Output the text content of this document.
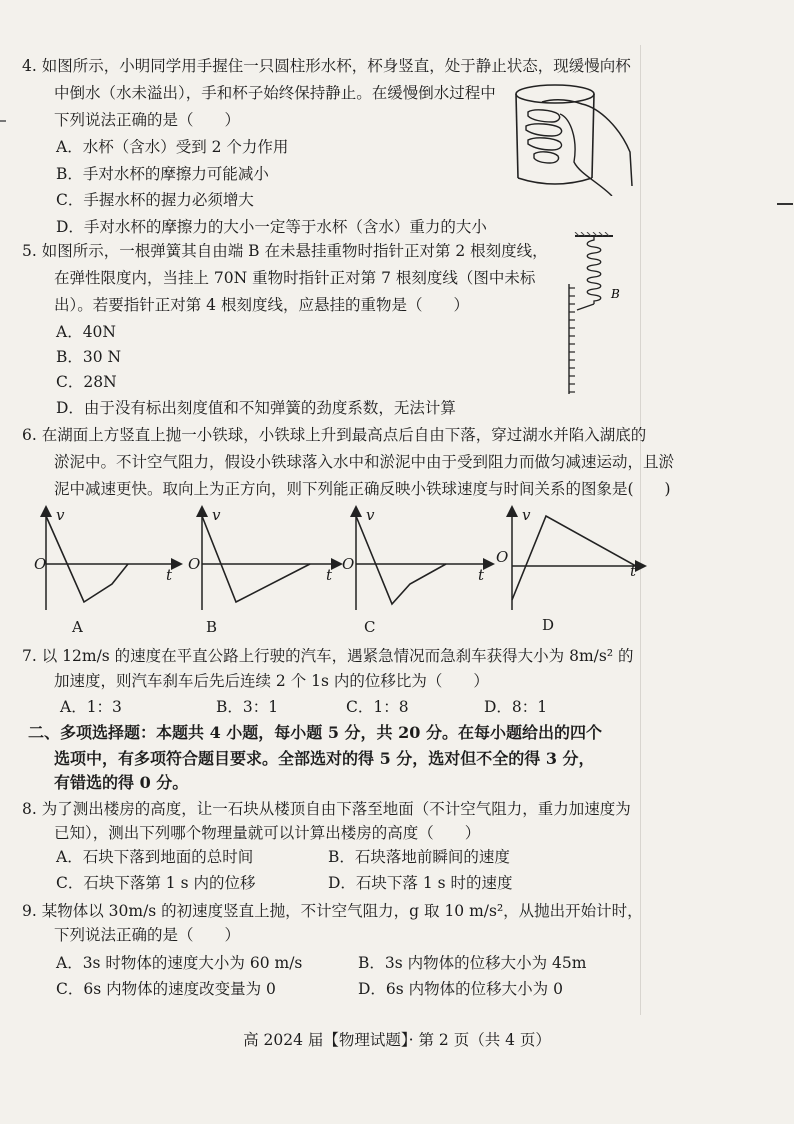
4. 如图所示，小明同学用手握住一只圆柱形水杯，杯身竖直，处于静止状态，现缓慢向杯
中倒水（水未溢出），手和杯子始终保持静止。在缓慢倒水过程中
下列说法正确的是（　　）
A．水杯（含水）受到 2 个力作用
B．手对水杯的摩擦力可能减小
C．手握水杯的握力必须增大
D．手对水杯的摩擦力的大小一定等于水杯（含水）重力的大小
5. 如图所示，一根弹簧其自由端 B 在未悬挂重物时指针正对第 2 根刻度线，
在弹性限度内，当挂上 70N 重物时指针正对第 7 根刻度线（图中未标
出）。若要指针正对第 4 根刻度线，应悬挂的重物是（　　）
A．40N
B．30 N
C．28N
D．由于没有标出刻度值和不知弹簧的劲度系数，无法计算
B
6. 在湖面上方竖直上抛一小铁球，小铁球上升到最高点后自由下落，穿过湖水并陷入湖底的
淤泥中。不计空气阻力，假设小铁球落入水中和淤泥中由于受到阻力而做匀减速运动，且淤
泥中减速更快。取向上为正方向，则下列能正确反映小铁球速度与时间关系的图象是(　　)
v
O
t
A
v
O
t
B
v
O
t
C
v
O
t
D
7. 以 12m/s 的速度在平直公路上行驶的汽车，遇紧急情况而急刹车获得大小为 8m/s² 的
加速度，则汽车刹车后先后连续 2 个 1s 内的位移比为（　　）
A．1：3	B．3：1	C．1：8	D．8：1
二、多项选择题：本题共 4 小题，每小题 5 分，共 20 分。在每小题给出的四个
选项中，有多项符合题目要求。全部选对的得 5 分，选对但不全的得 3 分，
有错选的得 0 分。
8. 为了测出楼房的高度，让一石块从楼顶自由下落至地面（不计空气阻力，重力加速度为
已知），测出下列哪个物理量就可以计算出楼房的高度（　　）
A．石块下落到地面的总时间	B．石块落地前瞬间的速度
C．石块下落第 1 s 内的位移	D．石块下落 1 s 时的速度
9. 某物体以 30m/s 的初速度竖直上抛，不计空气阻力，g 取 10 m/s²，从抛出开始计时，
下列说法正确的是（　　）
A．3s 时物体的速度大小为 60 m/s	B．3s 内物体的位移大小为 45m
C．6s 内物体的速度改变量为 0	D．6s 内物体的位移大小为 0
高 2024 届【物理试题】· 第 2 页（共 4 页）
